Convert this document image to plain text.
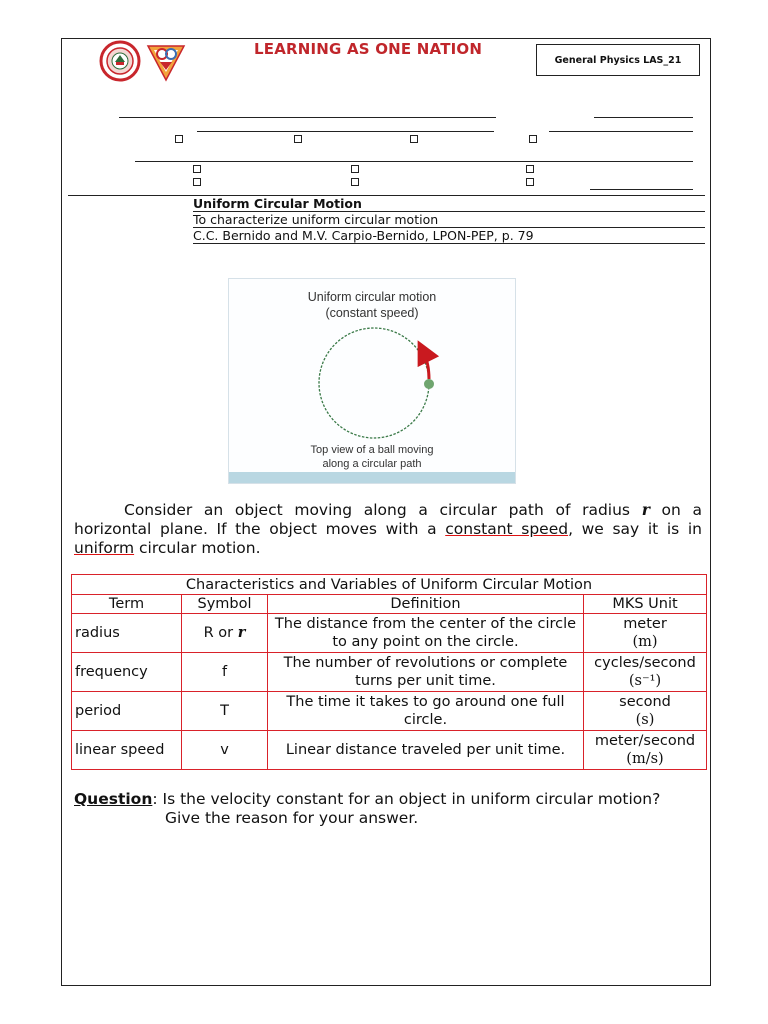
LEARNING AS ONE NATION
General Physics LAS_21
Uniform Circular Motion
To characterize uniform circular motion
C.C. Bernido and M.V. Carpio-Bernido, LPON-PEP, p. 79
Uniform circular motion
(constant speed)
Top view of a ball moving
along a circular path
Consider an object moving along a circular path of radius r on a horizontal plane. If the object moves with a constant speed, we say it is in uniform circular motion.
Characteristics and Variables of Uniform Circular Motion			
Term	Symbol	Definition	MKS Unit
radius	R or r	The distance from the center of the circle to any point on the circle.	meter
(m)

frequency	f	The number of revolutions or complete turns per unit time.	cycles/second
(s⁻¹)

period	T	The time it takes to go around one full circle.	second
(s)

linear speed	v	Linear distance traveled per unit time.	meter/second
(m/s)
Question: Is the velocity constant for an object in uniform circular motion?
Give the reason for your answer.
